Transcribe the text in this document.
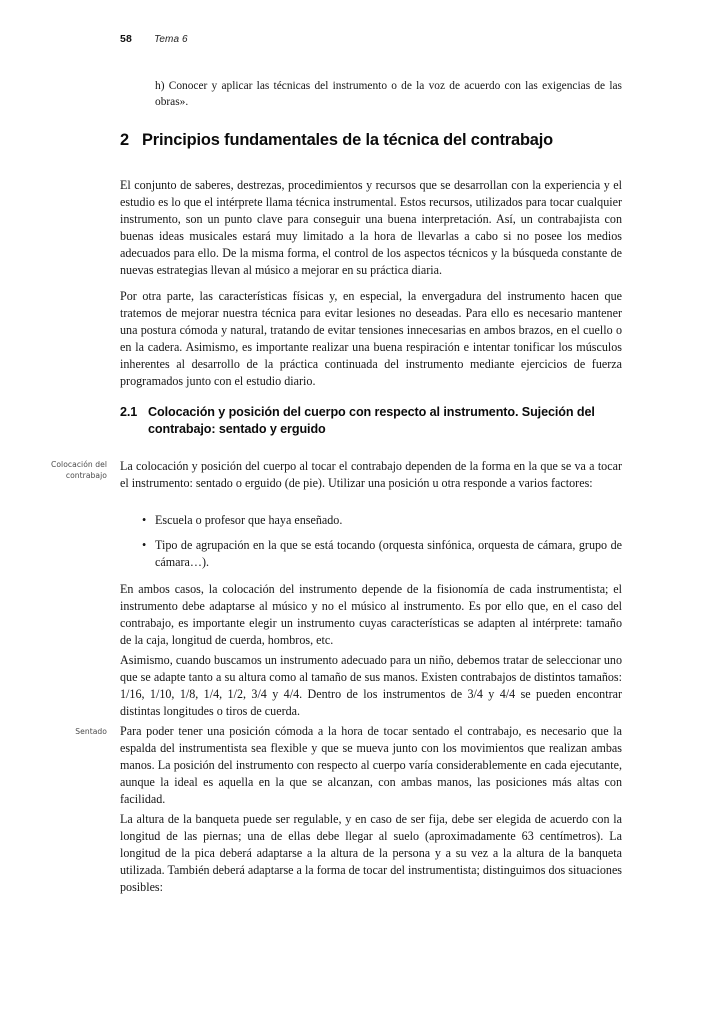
58 Tema 6
Colocación del contrabajo
Sentado

h) Conocer y aplicar las técnicas del instrumento o de la voz de acuerdo con las exigencias de las obras».

2 Principios fundamentales de la técnica del contrabajo

El conjunto de saberes, destrezas, procedimientos y recursos que se desarrollan con la experiencia y el estudio es lo que el intérprete llama técnica instrumental. Estos recursos, utilizados para tocar cualquier instrumento, son un punto clave para conseguir una buena interpretación. Así, un contrabajista con buenas ideas musicales estará muy limitado a la hora de llevarlas a cabo si no posee los medios adecuados para ello. De la misma forma, el control de los aspectos técnicos y la búsqueda constante de nuevas estrategias llevan al músico a mejorar en su práctica diaria.

Por otra parte, las características físicas y, en especial, la envergadura del instrumento hacen que tratemos de mejorar nuestra técnica para evitar lesiones no deseadas. Para ello es necesario mantener una postura cómoda y natural, tratando de evitar tensiones innecesarias en ambos brazos, en el cuello o en la cadera. Asimismo, es importante realizar una buena respiración e intentar tonificar los músculos inherentes al desarrollo de la práctica continuada del instrumento mediante ejercicios de fuerza programados junto con el estudio diario.

2.1 Colocación y posición del cuerpo con respecto al instrumento. Sujeción del contrabajo: sentado y erguido

La colocación y posición del cuerpo al tocar el contrabajo dependen de la forma en la que se va a tocar el instrumento: sentado o erguido (de pie). Utilizar una posición u otra responde a varios factores:

• Escuela o profesor que haya enseñado.
• Tipo de agrupación en la que se está tocando (orquesta sinfónica, orquesta de cámara, grupo de cámara…).

En ambos casos, la colocación del instrumento depende de la fisionomía de cada instrumentista; el instrumento debe adaptarse al músico y no el músico al instrumento. Es por ello que, en el caso del contrabajo, es importante elegir un instrumento cuyas características se adapten al intérprete: tamaño de la caja, longitud de cuerda, hombros, etc.

Asimismo, cuando buscamos un instrumento adecuado para un niño, debemos tratar de seleccionar uno que se adapte tanto a su altura como al tamaño de sus manos. Existen contrabajos de distintos tamaños: 1/16, 1/10, 1/8, 1/4, 1/2, 3/4 y 4/4. Dentro de los instrumentos de 3/4 y 4/4 se pueden encontrar distintas longitudes o tiros de cuerda.

Para poder tener una posición cómoda a la hora de tocar sentado el contrabajo, es necesario que la espalda del instrumentista sea flexible y que se mueva junto con los movimientos que realizan ambas manos. La posición del instrumento con respecto al cuerpo varía considerablemente en cada ejecutante, aunque la ideal es aquella en la que se alcanzan, con ambas manos, las posiciones más altas con facilidad.

La altura de la banqueta puede ser regulable, y en caso de ser fija, debe ser elegida de acuerdo con la longitud de las piernas; una de ellas debe llegar al suelo (aproximadamente 63 centímetros). La longitud de la pica deberá adaptarse a la altura de la persona y a su vez a la altura de la banqueta utilizada. También deberá adaptarse a la forma de tocar del instrumentista; distinguimos dos situaciones posibles:
